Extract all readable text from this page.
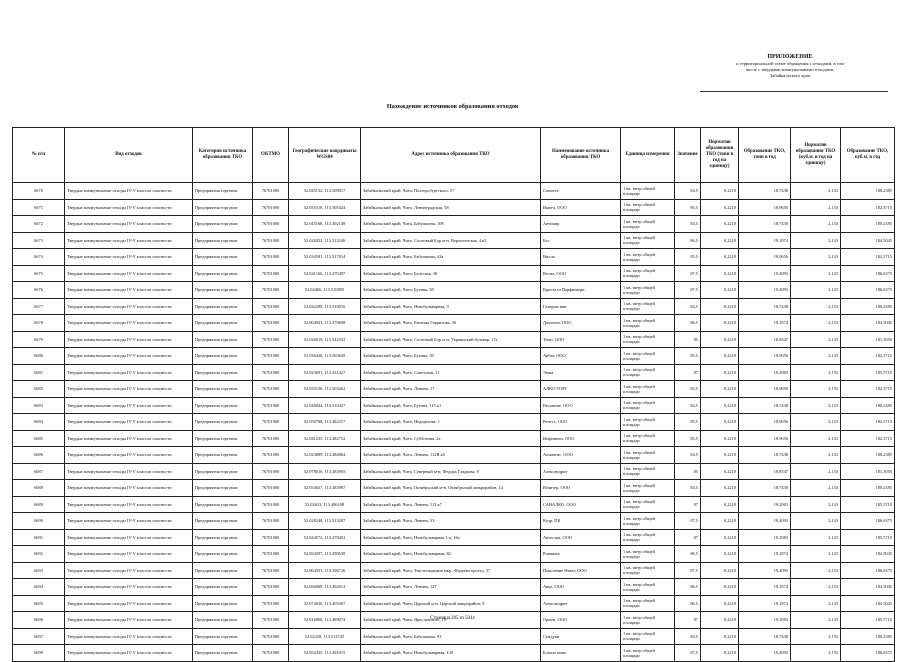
ПРИЛОЖЕНИЕ
к территориальной схеме обращения с отходами, в том
числе с твердыми коммунальными отходами,
Забайкальского края
Нахождение источников образования отходов
№ п/п	Вид отходов	Категория источника образования ТКО	ОКТМО	Географические координаты WGS84	Адрес источника образования ТКО	Наименование источника образования ТКО	Единица измерения	Значение	Норматив образования ТКО (тонн в год на единицу)	Образование ТКО, тонн в год	Норматив образования ТКО (куб.м. в год на единицу)	Образование ТКО, куб.м. в год
6670	Твердые коммунальные отходы IV-V классов опасности	Предприятия торговли	76701000	52.045132, 113.509017	Забайкальский край, Чита, Полтерсбургского, 57	Самотех	1 кв. метр общей площади	84,5	0,2218	18,7438	2,133	180,2385
6671	Твердые коммунальные отходы IV-V классов опасности	Предприятия торговли	76701000	52.035318, 113.505324	Забайкальский край, Чита, Ленинградская, 58	Вьюга, ООО	1 кв. метр общей площади	85,5	0,2218	18,9656	2,133	182,3715
6672	Твердые коммунальные отходы IV-V классов опасности	Предприятия торговли	76701000	52.045168, 113.492148	Забайкальский край, Чита, Бабушкина, 108	Автомир	1 кв. метр общей площади	84,5	0,2218	18,7438	2,133	180,2385
6673	Твердые коммунальные отходы IV-V классов опасности	Предприятия торговли	76701000	52.028452, 113.523246	Забайкальский край, Чита, Сосновый Бор м-н, Верхоленская, 4 к5	Бес	1 кв. метр общей площади	86,5	0,2218	19,1874	2,133	184,5045
6674	Твердые коммунальные отходы IV-V классов опасности	Предприятия торговли	76701000	52.034581, 113.517814	Забайкальский край, Чита, Бабушкина, 42а	Вилла	1 кв. метр общей площади	85,5	0,2218	18,9656	2,133	182,3715
6675	Твердые коммунальные отходы IV-V классов опасности	Предприятия торговли	76701000	52.041166, 113.479497	Забайкальский край, Чита, Балтская, 30	Весна, ООО	1 кв. метр общей площади	87,5	0,2218	19,4093	2,133	186,6375
6676	Твердые коммунальные отходы IV-V классов опасности	Предприятия торговли	76701000	52.04466, 113.510095	Забайкальский край, Чита, Бутина, 58	Кристалл Парфюмери	1 кв. метр общей площади	87,5	0,2218	19,4093	2,133	186,6375
6677	Твердые коммунальные отходы IV-V классов опасности	Предприятия торговли	76701000	52.042299, 113.510016	Забайкальский край, Чита, Новобульварная, 9	Газпром вин	1 кв. метр общей площади	84,5	0,2218	18,7438	2,133	180,2385
6678	Твердые коммунальные отходы IV-V классов опасности	Предприятия торговли	76701000	52.064943, 113.470698	Забайкальский край, Чита, Евгения Гаврилова, 36	Джунгли, ООО	1 кв. метр общей площади	86,5	0,2218	19,1874	2,133	184,5045
6679	Твердые коммунальные отходы IV-V классов опасности	Предприятия торговли	76701000	52.026019, 113.542552	Забайкальский край, Чита, Сосновый Бор м-н, Украинский бульвар, 17а	Темп, ООО	1 кв. метр общей площади	85	0,2218	18,8547	2,133	181,3050
6680	Твердые коммунальные отходы IV-V классов опасности	Предприятия торговли	76701000	52.036428, 113.503649	Забайкальский край, Чита, Бутина, 59	Арбат, ООО	1 кв. метр общей площади	85,5	0,2218	18,9656	2,133	182,3715
6681	Твердые коммунальные отходы IV-V классов опасности	Предприятия торговли	76701000	52.023691, 113.431427	Забайкальский край, Чита, Советская, 11	Эмма	1 кв. метр общей площади	87	0,2218	19,2983	2,133	185,5710
6682	Твердые коммунальные отходы IV-V классов опасности	Предприятия торговли	76701000	52.033156, 113.503262	Забайкальский край, Чита, Ленина, 17	АЛКО-ТОРГ	1 кв. метр общей площади	85,5	0,2218	18,9656	2,133	182,3715
6683	Твердые коммунальные отходы IV-V классов опасности	Предприятия торговли	76701000	52.046844, 113.510427	Забайкальский край, Чита, Бутина, 115 к1	Весенние, ООО	1 кв. метр общей площади	84,5	0,2218	18,7438	2,133	180,2385
6684	Твердые коммунальные отходы IV-V классов опасности	Предприятия торговли	76701000	52.050708, 113.482317	Забайкальский край, Чита, Недорезова, 1	Ренесс, ООО	1 кв. метр общей площади	85,5	0,2218	18,9656	2,133	182,3715
6685	Твердые коммунальные отходы IV-V классов опасности	Предприятия торговли	76701000	52.041235, 113.482752	Забайкальский край, Чита, Субботина, 2а	Инфинити, ООО	1 кв. метр общей площади	85,5	0,2218	18,9656	2,133	182,3715
6686	Твердые коммунальные отходы IV-V классов опасности	Предприятия торговли	76701000	52.023889, 113.484864	Забайкальский край, Чита, Ленина, 112В к6	Алмаатис, ООО	1 кв. метр общей площади	84,5	0,2218	18,7438	2,133	180,2385
6687	Твердые коммунальные отходы IV-V классов опасности	Предприятия торговли	76701000	52.078016, 113.483965	Забайкальский край, Чита, Северный м-н, Федора Гладкова, 8	Александрит	1 кв. метр общей площади	85	0,2218	18,8547	2,133	181,3050
6688	Твердые коммунальные отходы IV-V классов опасности	Предприятия торговли	76701000	52.054637, 113.483987	Забайкальский край, Чита, Октябрьский м-н, Октябрьский микрорайон, 14	Юпитер, ООО	1 кв. метр общей площади	84,5	0,2218	18,7438	2,133	180,2385
6689	Твердые коммунальные отходы IV-V классов опасности	Предприятия торговли	76701000	52.02633, 113.486108	Забайкальский край, Чита, Ленина, 112 к7	САНАЛКО, ООО	1 кв. метр общей площади	87	0,2218	19,2983	2,133	185,5710
6690	Твердые коммунальные отходы IV-V классов опасности	Предприятия торговли	76701000	52.028248, 113.513287	Забайкальский край, Чита, Ленина, 33	Кедр, ПК	1 кв. метр общей площади	87,5	0,2218	19,4093	2,133	186,6375
6691	Твердые коммунальные отходы IV-V классов опасности	Предприятия торговли	76701000	52.044572, 113.478452	Забайкальский край, Чита, Новобульварная 1-я, 16а	Автостра, ООО	1 кв. метр общей площади	87	0,2218	19,2983	2,133	185,5710
6692	Твердые коммунальные отходы IV-V классов опасности	Предприятия торговли	76701000	52.054297, 113.490539	Забайкальский край, Чита, Новобульварная, 82	Ромашка	1 кв. метр общей площади	86,5	0,2218	19,1874	2,133	184,5045
6693	Твердые коммунальные отходы IV-V классов опасности	Предприятия торговли	76701000	52.064353, 113.396726	Забайкальский край, Чита, Текстильщиков мкр., Фадеева проезд, 37	Поколение Невет, ООО	1 кв. метр общей площади	87,5	0,2218	19,4093	2,133	186,6375
6694	Твердые коммунальные отходы IV-V классов опасности	Предприятия торговли	76701000	52.056069, 113.492014	Забайкальский край, Чита, Ленина, 127	Авал, ООО	1 кв. метр общей площади	86,5	0,2218	19,1874	2,133	184,5045
6695	Твердые коммунальные отходы IV-V классов опасности	Предприятия торговли	76701000	52.074036, 113.405307	Забайкальский край, Чита, Царский м-н, Царский микрорайон, 9	Александрит	1 кв. метр общей площади	86,5	0,2218	19,1874	2,133	184,5045
6696	Твердые коммунальные отходы IV-V классов опасности	Предприятия торговли	76701000	52.016808, 113.489074	Забайкальский край, Чита, Ярославского, 19	Орион, ООО	1 кв. метр общей площади	87	0,2218	19,2983	2,133	185,5710
6697	Твердые коммунальные отходы IV-V классов опасности	Предприятия торговли	76701000	52.02328, 113.514725	Забайкальский край, Чита, Бабушкина, 93	Сундуки	1 кв. метр общей площади	84,5	0,2218	18,7438	2,133	180,2385
6698	Твердые коммунальные отходы IV-V классов опасности	Предприятия торговли	76701000	52.052435, 113.491015	Забайкальский край, Чита, Новобульварная, 149	Бокало вина	1 кв. метр общей площади	87,5	0,2218	19,4093	2,133	186,6375
Страница 285 из 5044
